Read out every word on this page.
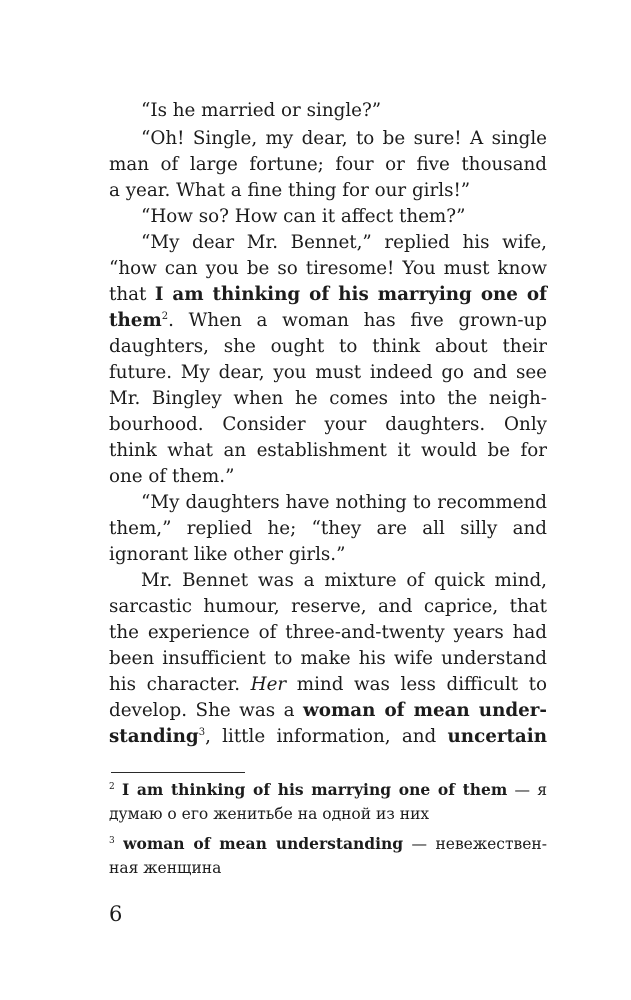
“Is he married or single?”
“Oh! Single, my dear, to be sure! A single
man of large fortune; four or five thousand
a year. What a fine thing for our girls!”
“How so? How can it affect them?”
“My dear Mr. Bennet,” replied his wife,
“how can you be so tiresome! You must know
that I am thinking of his marrying one of
them$^2$. When a woman has five grown-up
daughters, she ought to think about their
future. My dear, you must indeed go and see
Mr. Bingley when he comes into the neigh-
bourhood. Consider your daughters. Only
think what an establishment it would be for
one of them.”
“My daughters have nothing to recommend
them,” replied he; “they are all silly and
ignorant like other girls.”
Mr. Bennet was a mixture of quick mind,
sarcastic humour, reserve, and caprice, that
the experience of three-and-twenty years had
been insufficient to make his wife understand
his character. Her mind was less difficult to
develop. She was a woman of mean under-
standing$^3$, little information, and uncertain
$^2$ I am thinking of his marrying one of them — я
думаю о его женитьбе на одной из них
$^3$ woman of mean understanding — невежествен-
ная женщина
6
